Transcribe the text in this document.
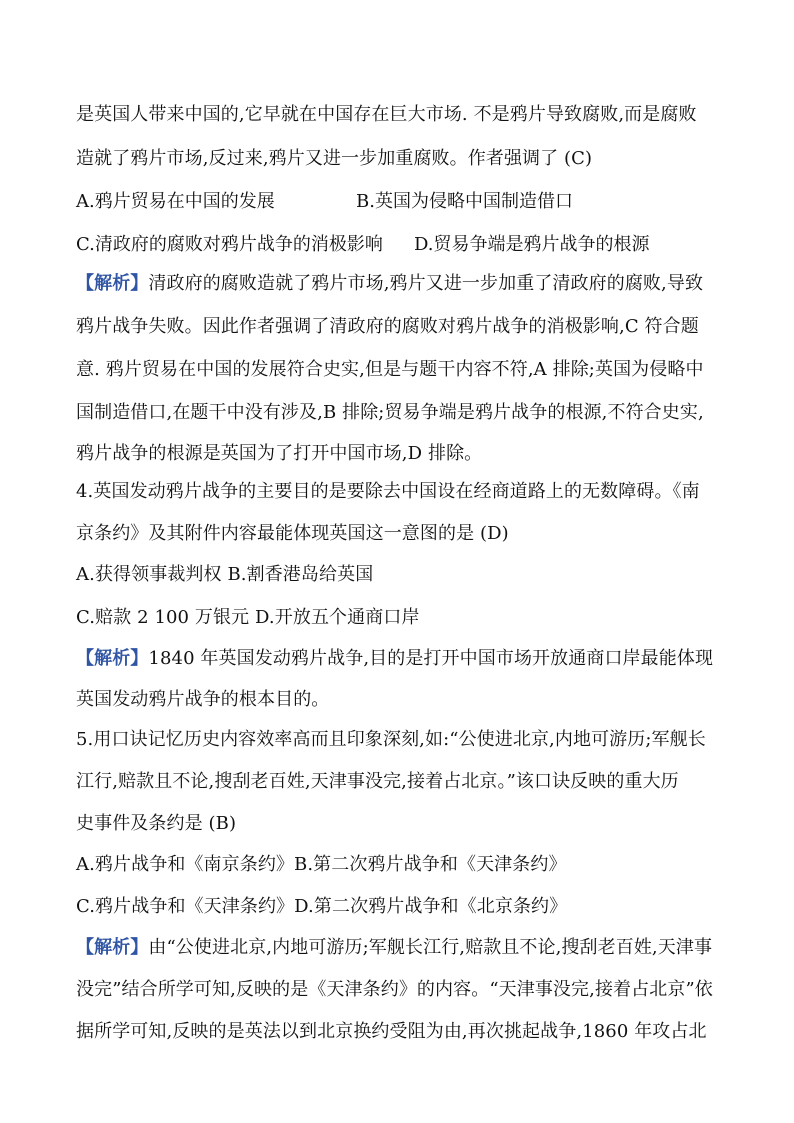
是英国人带来中国的,它早就在中国存在巨大市场. 不是鸦片导致腐败,而是腐败
造就了鸦片市场,反过来,鸦片又进一步加重腐败。作者强调了 (C)
A.鸦片贸易在中国的发展	B.英国为侵略中国制造借口
C.清政府的腐败对鸦片战争的消极影响	D.贸易争端是鸦片战争的根源
【解析】清政府的腐败造就了鸦片市场,鸦片又进一步加重了清政府的腐败,导致
鸦片战争失败。因此作者强调了清政府的腐败对鸦片战争的消极影响,C 符合题
意. 鸦片贸易在中国的发展符合史实,但是与题干内容不符,A 排除;英国为侵略中
国制造借口,在题干中没有涉及,B 排除;贸易争端是鸦片战争的根源,不符合史实,
鸦片战争的根源是英国为了打开中国市场,D 排除。
4.英国发动鸦片战争的主要目的是要除去中国设在经商道路上的无数障碍。《南
京条约》及其附件内容最能体现英国这一意图的是 (D)
A.获得领事裁判权 B.割香港岛给英国
C.赔款 2 100 万银元 D.开放五个通商口岸
【解析】1840 年英国发动鸦片战争,目的是打开中国市场开放通商口岸最能体现
英国发动鸦片战争的根本目的。
5.用口诀记忆历史内容效率高而且印象深刻,如:“公使进北京,内地可游历;军舰长
江行,赔款且不论,搜刮老百姓,天津事没完,接着占北京。”该口诀反映的重大历
史事件及条约是 (B)
A.鸦片战争和《南京条约》B.第二次鸦片战争和《天津条约》
C.鸦片战争和《天津条约》D.第二次鸦片战争和《北京条约》
【解析】由“公使进北京,内地可游历;军舰长江行,赔款且不论,搜刮老百姓,天津事
没完”结合所学可知,反映的是《天津条约》的内容。“天津事没完,接着占北京”依
据所学可知,反映的是英法以到北京换约受阻为由,再次挑起战争,1860 年攻占北
